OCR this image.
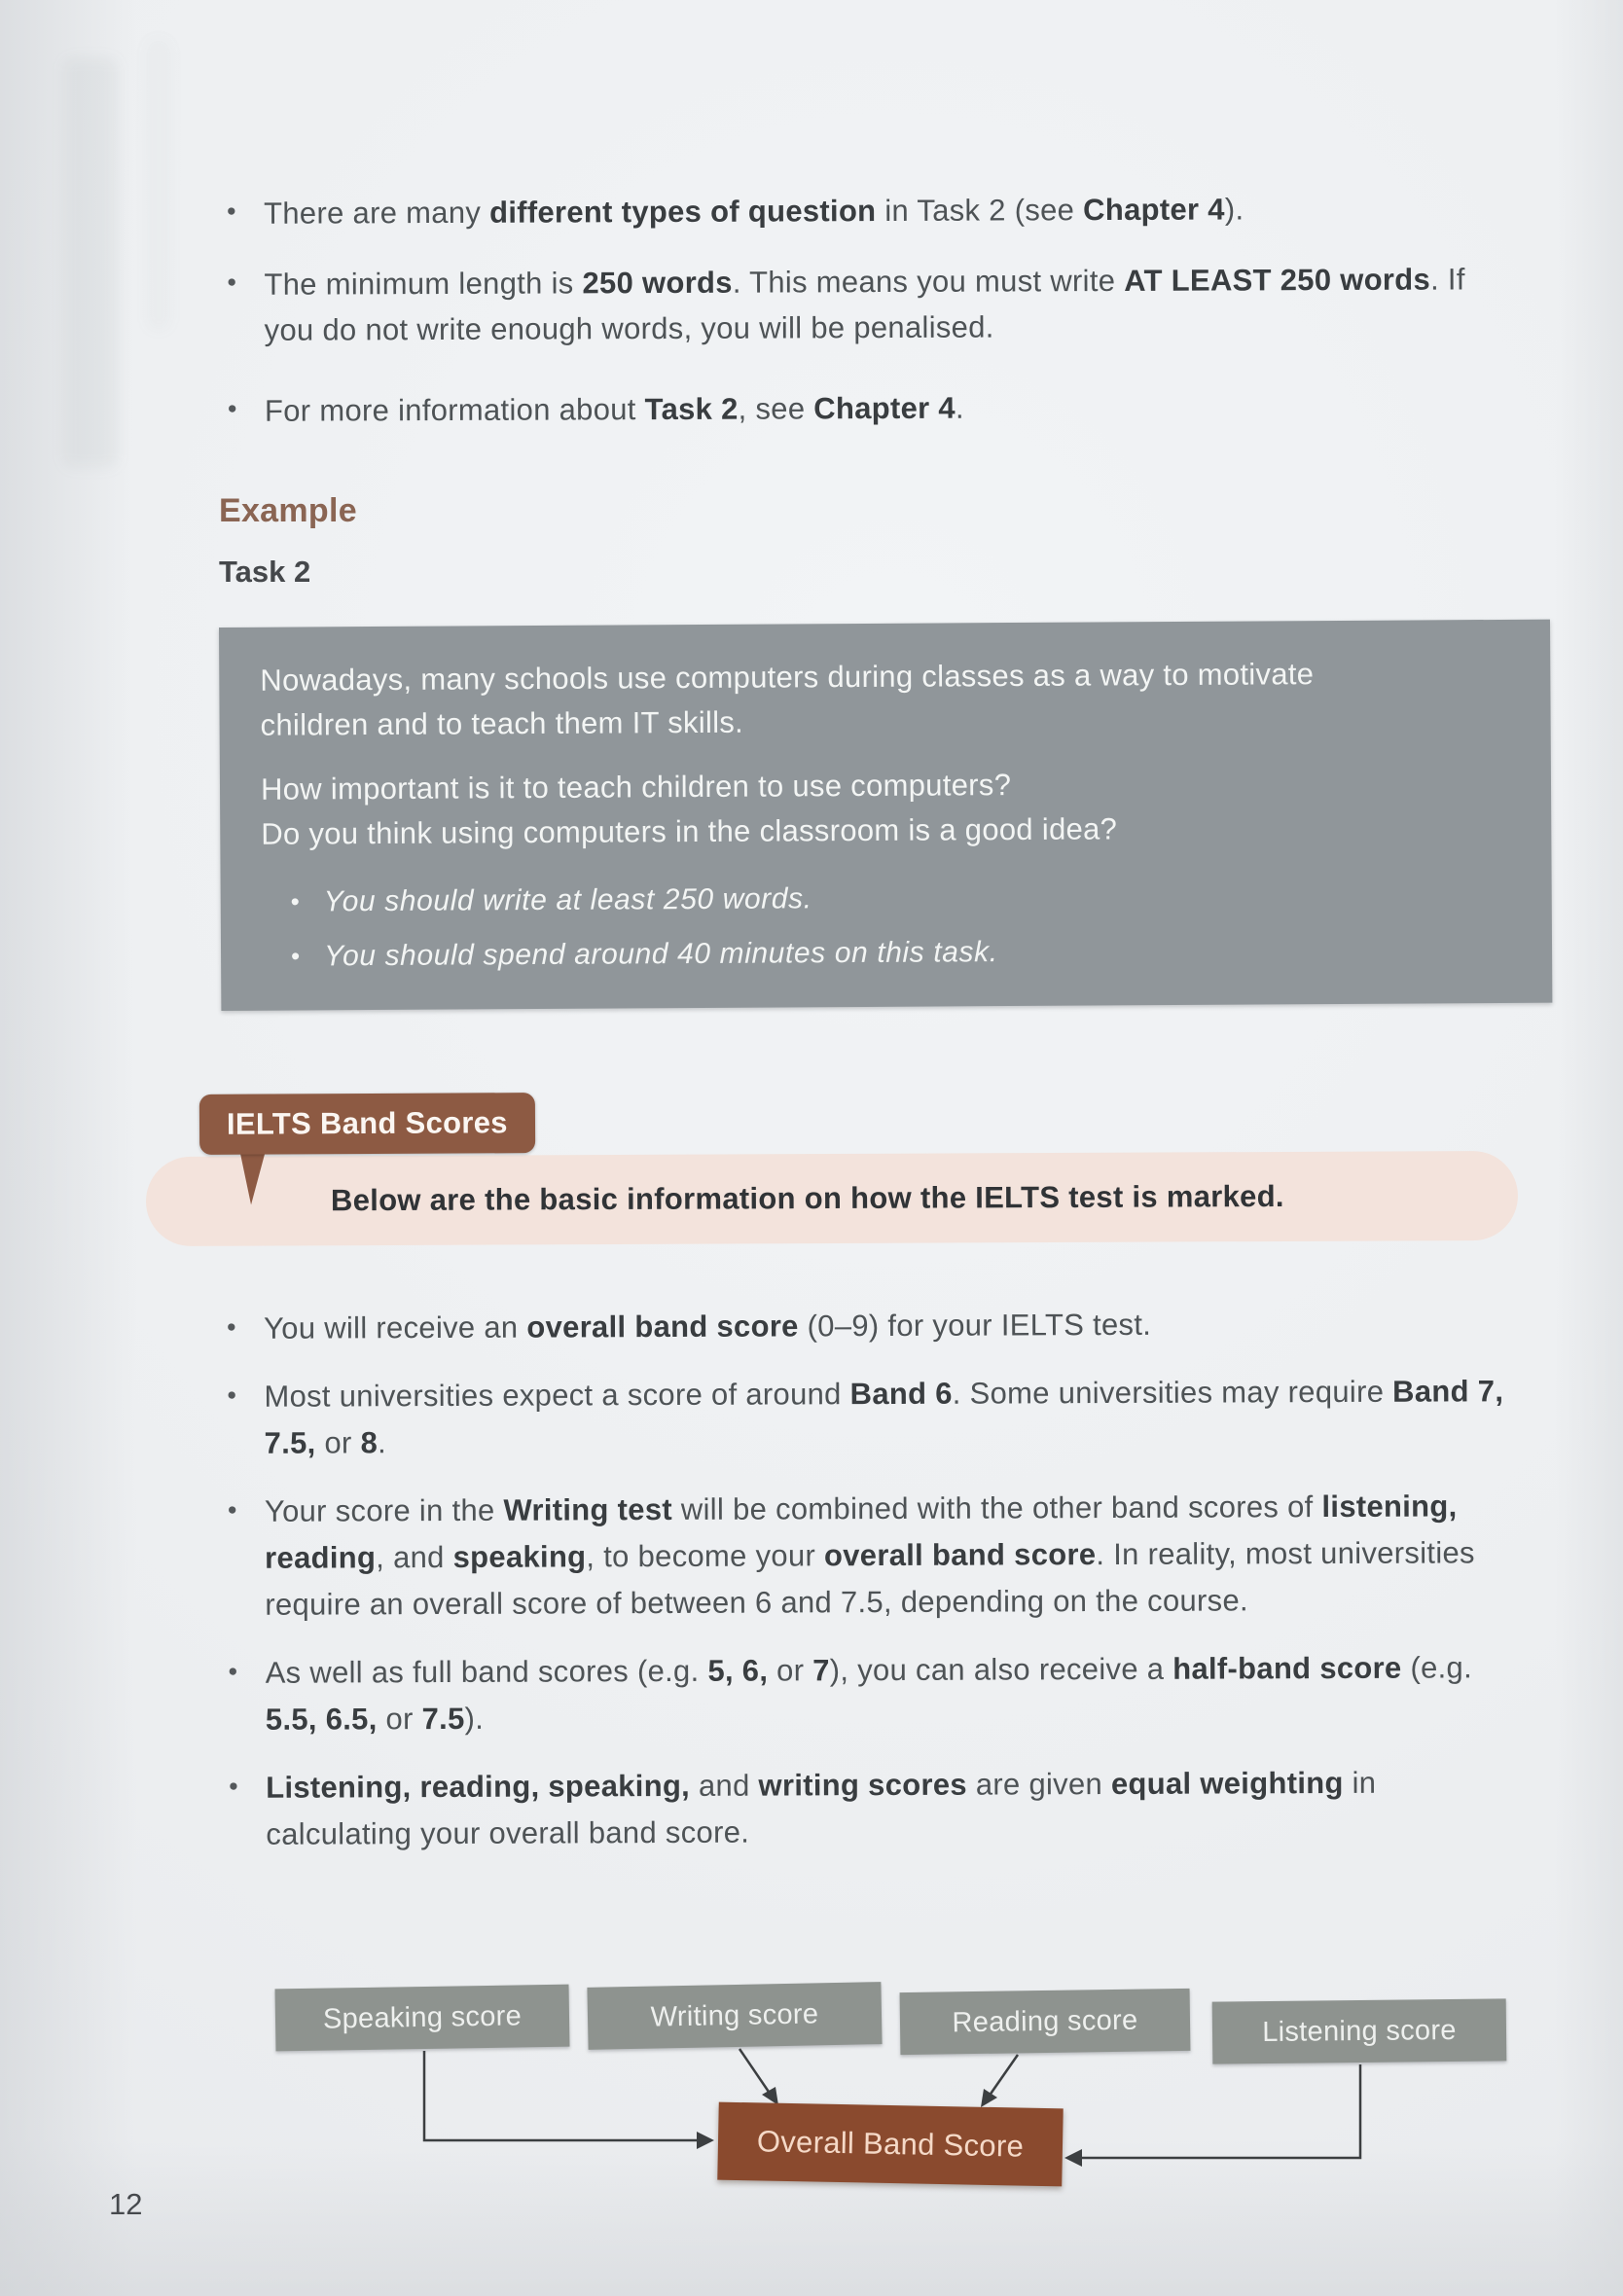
• There are many different types of question in Task 2 (see Chapter 4).
• The minimum length is 250 words. This means you must write AT LEAST 250 words. If you do not write enough words, you will be penalised.
• For more information about Task 2, see Chapter 4.
Example
Task 2

Nowadays, many schools use computers during classes as a way to motivate children and to teach them IT skills.

How important is it to teach children to use computers?

Do you think using computers in the classroom is a good idea?

• You should write at least 250 words.
• You should spend around 40 minutes on this task.
IELTS Band Scores
Below are the basic information on how the IELTS test is marked.
• You will receive an overall band score (0–9) for your IELTS test.
• Most universities expect a score of around Band 6. Some universities may require Band 7, 7.5, or 8.
• Your score in the Writing test will be combined with the other band scores of listening, reading, and speaking, to become your overall band score. In reality, most universities require an overall score of between 6 and 7.5, depending on the course.
• As well as full band scores (e.g. 5, 6, or 7), you can also receive a half-band score (e.g. 5.5, 6.5, or 7.5).
• Listening, reading, speaking, and writing scores are given equal weighting in calculating your overall band score.
Speaking score	Writing score	Reading score	Listening score
Overall Band Score
12
